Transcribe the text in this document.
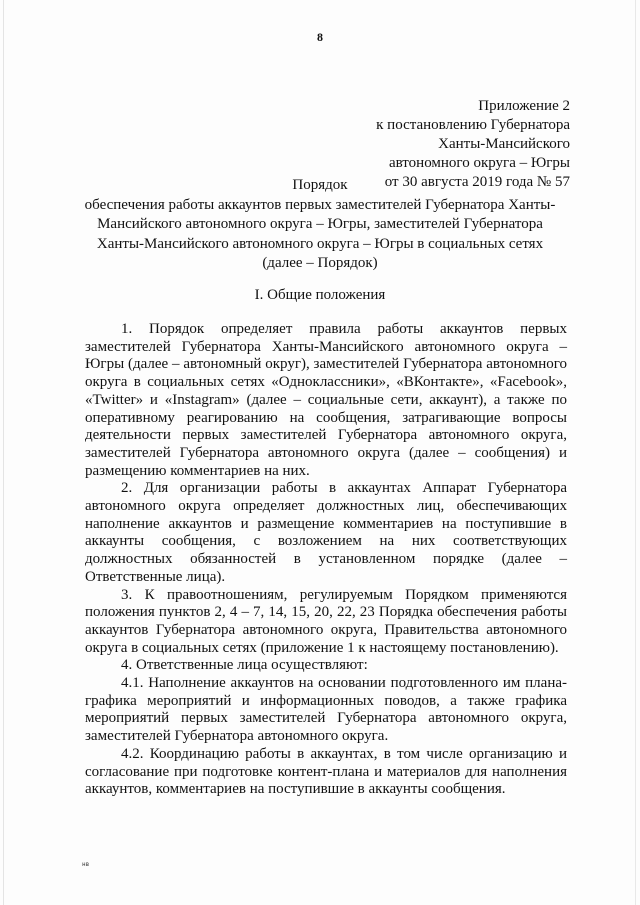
8
Приложение 2
к постановлению Губернатора
Ханты-Мансийского
автономного округа – Югры
от 30 августа 2019 года № 57
Порядок
обеспечения работы аккаунтов первых заместителей Губернатора Ханты-
Мансийского автономного округа – Югры, заместителей Губернатора
Ханты-Мансийского автономного округа – Югры в социальных сетях
(далее – Порядок)
I. Общие положения

1. Порядок определяет правила работы аккаунтов первых заместителей Губернатора Ханты-Мансийского автономного округа – Югры (далее – автономный округ), заместителей Губернатора автономного округа в социальных сетях «Одноклассники», «ВКонтакте», «Facebook», «Twitter» и «Instagram» (далее – социальные сети, аккаунт), а также по оперативному реагированию на сообщения, затрагивающие вопросы деятельности первых заместителей Губернатора автономного округа, заместителей Губернатора автономного округа (далее – сообщения) и размещению комментариев на них.

2. Для организации работы в аккаунтах Аппарат Губернатора автономного округа определяет должностных лиц, обеспечивающих наполнение аккаунтов и размещение комментариев на поступившие в аккаунты сообщения, с возложением на них соответствующих должностных обязанностей в установленном порядке (далее – Ответственные лица).

3. К правоотношениям, регулируемым Порядком применяются положения пунктов 2, 4 – 7, 14, 15, 20, 22, 23 Порядка обеспечения работы аккаунтов Губернатора автономного округа, Правительства автономного округа в социальных сетях (приложение 1 к настоящему постановлению).

4. Ответственные лица осуществляют:

4.1. Наполнение аккаунтов на основании подготовленного им плана-графика мероприятий и информационных поводов, а также графика мероприятий первых заместителей Губернатора автономного округа, заместителей Губернатора автономного округа.

4.2. Координацию работы в аккаунтах, в том числе организацию и согласование при подготовке контент-плана и материалов для наполнения аккаунтов, комментариев на поступившие в аккаунты сообщения.

нв
